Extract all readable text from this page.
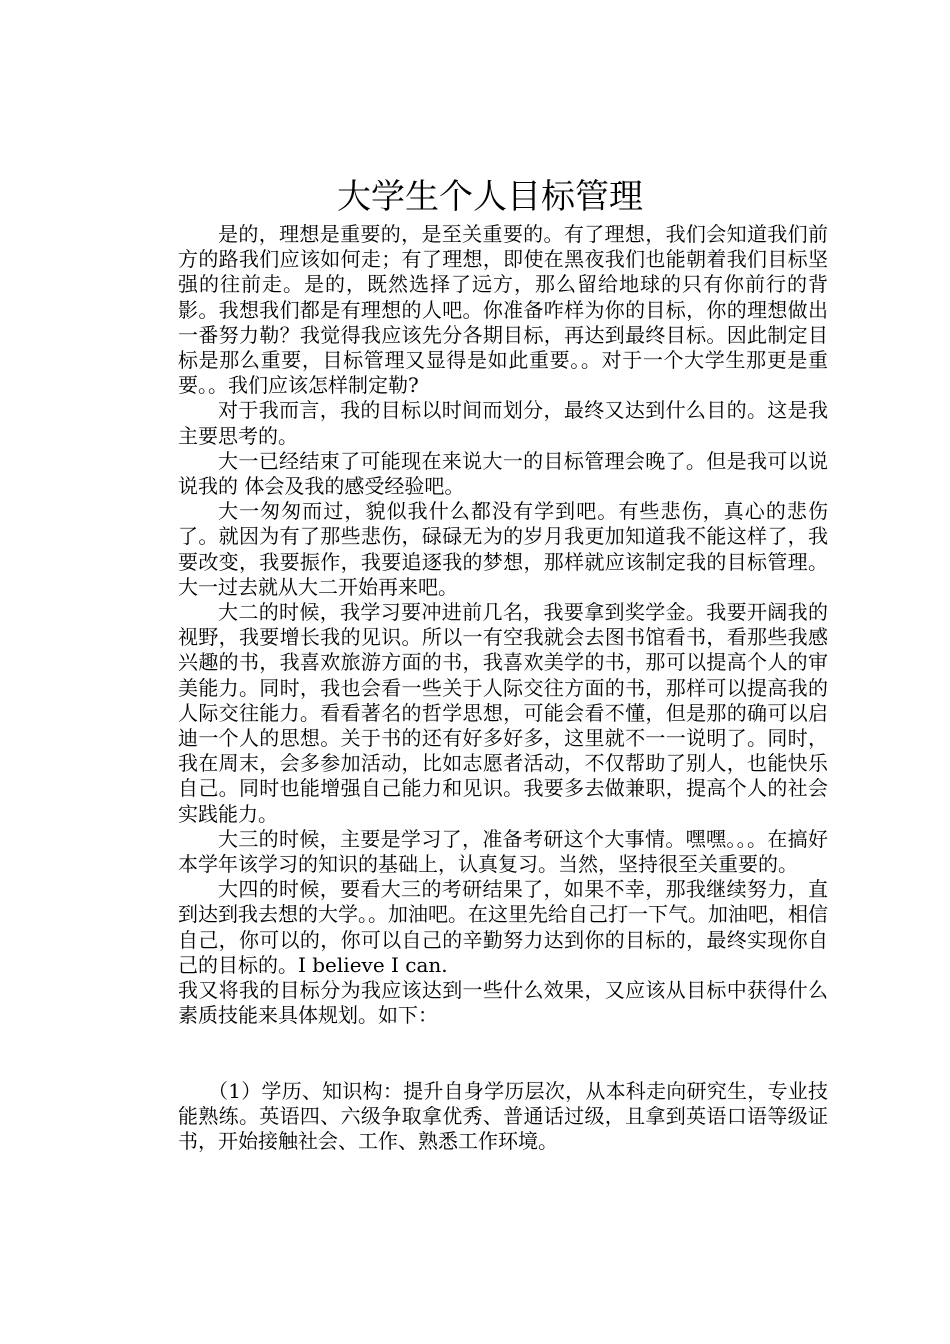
大学生个人目标管理

是的，理想是重要的，是至关重要的。有了理想，我们会知道我们前方的路我们应该如何走；有了理想，即使在黑夜我们也能朝着我们目标坚强的往前走。是的，既然选择了远方，那么留给地球的只有你前行的背影。我想我们都是有理想的人吧。你准备咋样为你的目标，你的理想做出一番努力勒？我觉得我应该先分各期目标，再达到最终目标。因此制定目标是那么重要，目标管理又显得是如此重要。。对于一个大学生那更是重要。。我们应该怎样制定勒?

对于我而言，我的目标以时间而划分，最终又达到什么目的。这是我主要思考的。

大一已经结束了可能现在来说大一的目标管理会晚了。但是我可以说说我的 体会及我的感受经验吧。

大一匆匆而过，貌似我什么都没有学到吧。有些悲伤，真心的悲伤了。就因为有了那些悲伤，碌碌无为的岁月我更加知道我不能这样了，我要改变，我要振作，我要追逐我的梦想，那样就应该制定我的目标管理。大一过去就从大二开始再来吧。

大二的时候，我学习要冲进前几名，我要拿到奖学金。我要开阔我的视野，我要增长我的见识。所以一有空我就会去图书馆看书，看那些我感兴趣的书，我喜欢旅游方面的书，我喜欢美学的书，那可以提高个人的审美能力。同时，我也会看一些关于人际交往方面的书，那样可以提高我的人际交往能力。看看著名的哲学思想，可能会看不懂，但是那的确可以启迪一个人的思想。关于书的还有好多好多，这里就不一一说明了。同时，我在周末，会多参加活动，比如志愿者活动，不仅帮助了别人，也能快乐自己。同时也能增强自己能力和见识。我要多去做兼职，提高个人的社会实践能力。

大三的时候，主要是学习了，准备考研这个大事情。嘿嘿。。。在搞好本学年该学习的知识的基础上，认真复习。当然，坚持很至关重要的。

大四的时候，要看大三的考研结果了，如果不幸，那我继续努力，直到达到我去想的大学。。加油吧。在这里先给自己打一下气。加油吧，相信自己，你可以的，你可以自己的辛勤努力达到你的目标的，最终实现你自己的目标的。I believe I can.

我又将我的目标分为我应该达到一些什么效果，又应该从目标中获得什么素质技能来具体规划。如下：

（1）学历、知识构：提升自身学历层次，从本科走向研究生，专业技能熟练。英语四、六级争取拿优秀、普通话过级，且拿到英语口语等级证书，开始接触社会、工作、熟悉工作环境。
